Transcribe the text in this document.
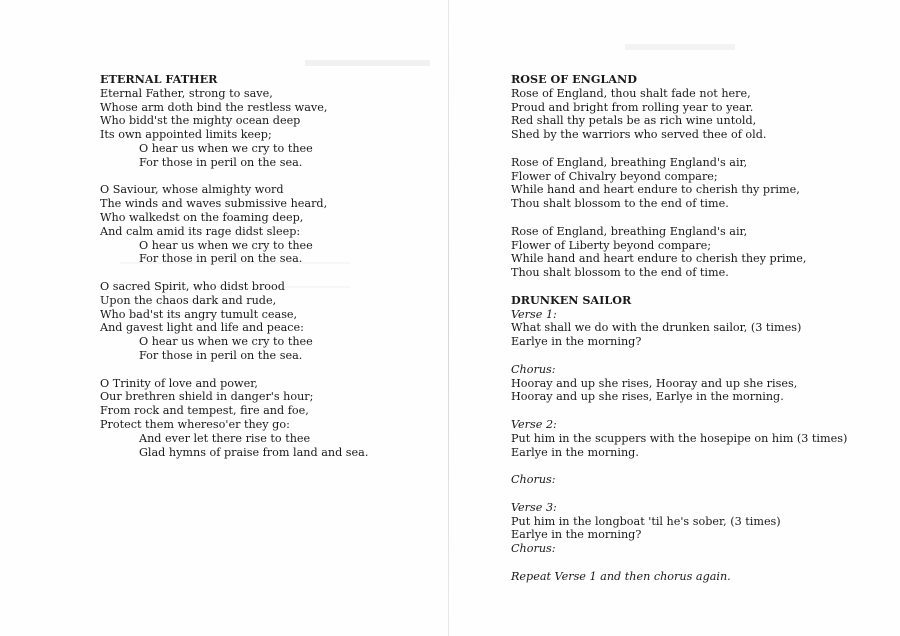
ETERNAL FATHER

Eternal Father, strong to save,

Whose arm doth bind the restless wave,

Who bidd'st the mighty ocean deep

Its own appointed limits keep;

O hear us when we cry to thee

For those in peril on the sea.

O Saviour, whose almighty word

The winds and waves submissive heard,

Who walkedst on the foaming deep,

And calm amid its rage didst sleep:

O hear us when we cry to thee

For those in peril on the sea.

O sacred Spirit, who didst brood

Upon the chaos dark and rude,

Who bad'st its angry tumult cease,

And gavest light and life and peace:

O hear us when we cry to thee

For those in peril on the sea.

O Trinity of love and power,

Our brethren shield in danger's hour;

From rock and tempest, fire and foe,

Protect them whereso'er they go:

And ever let there rise to thee

Glad hymns of praise from land and sea.

ROSE OF ENGLAND

Rose of England, thou shalt fade not here,

Proud and bright from rolling year to year.

Red shall thy petals be as rich wine untold,

Shed by the warriors who served thee of old.

Rose of England, breathing England's air,

Flower of Chivalry beyond compare;

While hand and heart endure to cherish thy prime,

Thou shalt blossom to the end of time.

Rose of England, breathing England's air,

Flower of Liberty beyond compare;

While hand and heart endure to cherish they prime,

Thou shalt blossom to the end of time.

DRUNKEN SAILOR

Verse 1:

What shall we do with the drunken sailor, (3 times)

Earlye in the morning?

Chorus:

Hooray and up she rises, Hooray and up she rises,

Hooray and up she rises, Earlye in the morning.

Verse 2:

Put him in the scuppers with the hosepipe on him (3 times)

Earlye in the morning.

Chorus:

Verse 3:

Put him in the longboat 'til he's sober, (3 times)

Earlye in the morning?

Chorus:

Repeat Verse 1 and then chorus again.
